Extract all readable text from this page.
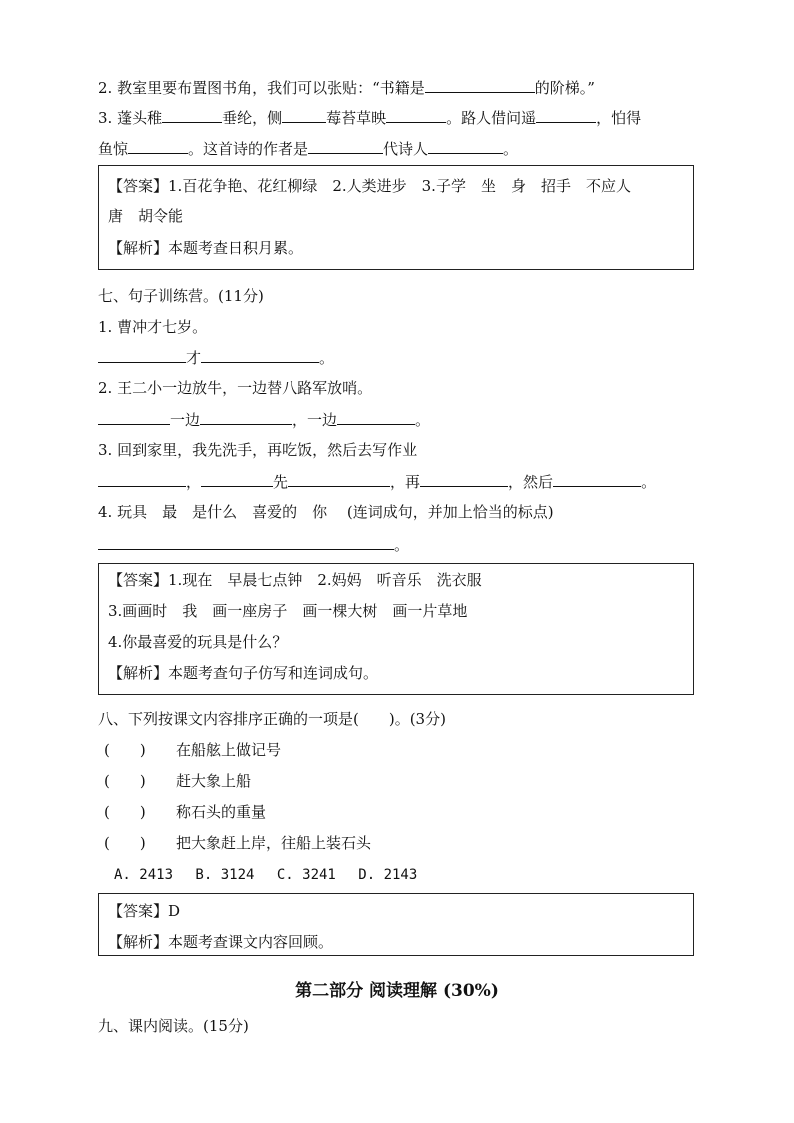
2. 教室里要布置图书角，我们可以张贴：“书籍是	的阶梯。”
3. 蓬头稚	垂纶，侧	莓苔草映	。路人借问遥	，怕得
鱼惊	。这首诗的作者是	代诗人	。
【答案】1.百花争艳、花红柳绿　2.人类进步　3.子学　坐　身　招手　不应人
唐　胡令能
【解析】本题考查日积月累。
七、句子训练营。(11分)
1. 曹冲才七岁。
才	。
2. 王二小一边放牛，一边替八路军放哨。
一边	，一边	。
3. 回到家里，我先洗手，再吃饭，然后去写作业
，	先	，再	，然后	。
4. 玩具　最　是什么　喜爱的　你　 (连词成句，并加上恰当的标点)
。
【答案】1.现在　早晨七点钟　2.妈妈　听音乐　洗衣服
3.画画时　我　画一座房子　画一棵大树　画一片草地
4.你最喜爱的玩具是什么？
【解析】本题考查句子仿写和连词成句。
八、下列按课文内容排序正确的一项是(　　)。(3分)
(　　) 在船舷上做记号
(　　) 赶大象上船
(　　) 称石头的重量
(　　) 把大象赶上岸，往船上装石头
A. 2413　 B. 3124　 C. 3241　 D. 2143
【答案】D
【解析】本题考查课文内容回顾。
第二部分 阅读理解 (30%)
九、课内阅读。(15分)
